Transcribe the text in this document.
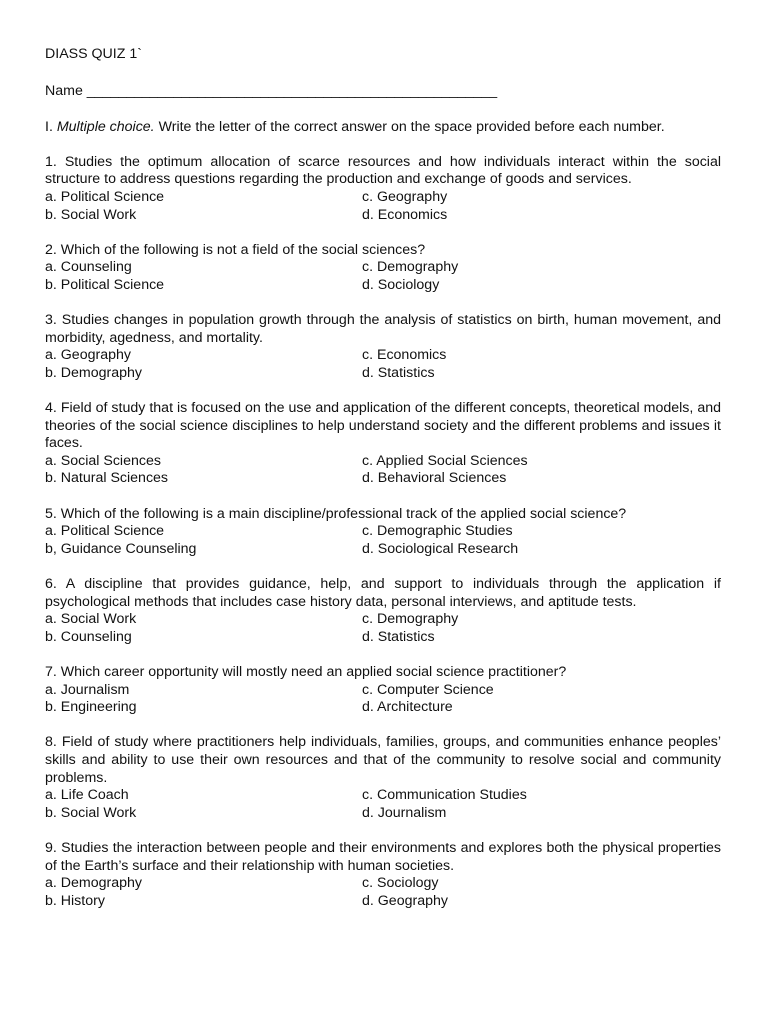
DIASS QUIZ 1`
Name ____________________________________________________
I. Multiple choice. Write the letter of the correct answer on the space provided before each number.
1. Studies the optimum allocation of scarce resources and how individuals interact within the social structure to address questions regarding the production and exchange of goods and services.
a. Political Science	c. Geography
b. Social Work	d. Economics
2. Which of the following is not a field of the social sciences?
a. Counseling	c. Demography
b. Political Science	d. Sociology
3. Studies changes in population growth through the analysis of statistics on birth, human movement, and morbidity, agedness, and mortality.
a. Geography	c. Economics
b. Demography	d. Statistics
4. Field of study that is focused on the use and application of the different concepts, theoretical models, and theories of the social science disciplines to help understand society and the different problems and issues it faces.
a. Social Sciences	c. Applied Social Sciences
b. Natural Sciences	d. Behavioral Sciences
5. Which of the following is a main discipline/professional track of the applied social science?
a. Political Science	c. Demographic Studies
b, Guidance Counseling	d. Sociological Research
6. A discipline that provides guidance, help, and support to individuals through the application if psychological methods that includes case history data, personal interviews, and aptitude tests.
a. Social Work	c. Demography
b. Counseling	d. Statistics
7. Which career opportunity will mostly need an applied social science practitioner?
a. Journalism	c. Computer Science
b. Engineering	d. Architecture
8. Field of study where practitioners help individuals, families, groups, and communities enhance peoples’ skills and ability to use their own resources and that of the community to resolve social and community problems.
a. Life Coach	c. Communication Studies
b. Social Work	d. Journalism
9. Studies the interaction between people and their environments and explores both the physical properties of the Earth’s surface and their relationship with human societies.
a. Demography	c. Sociology
b. History	d. Geography
